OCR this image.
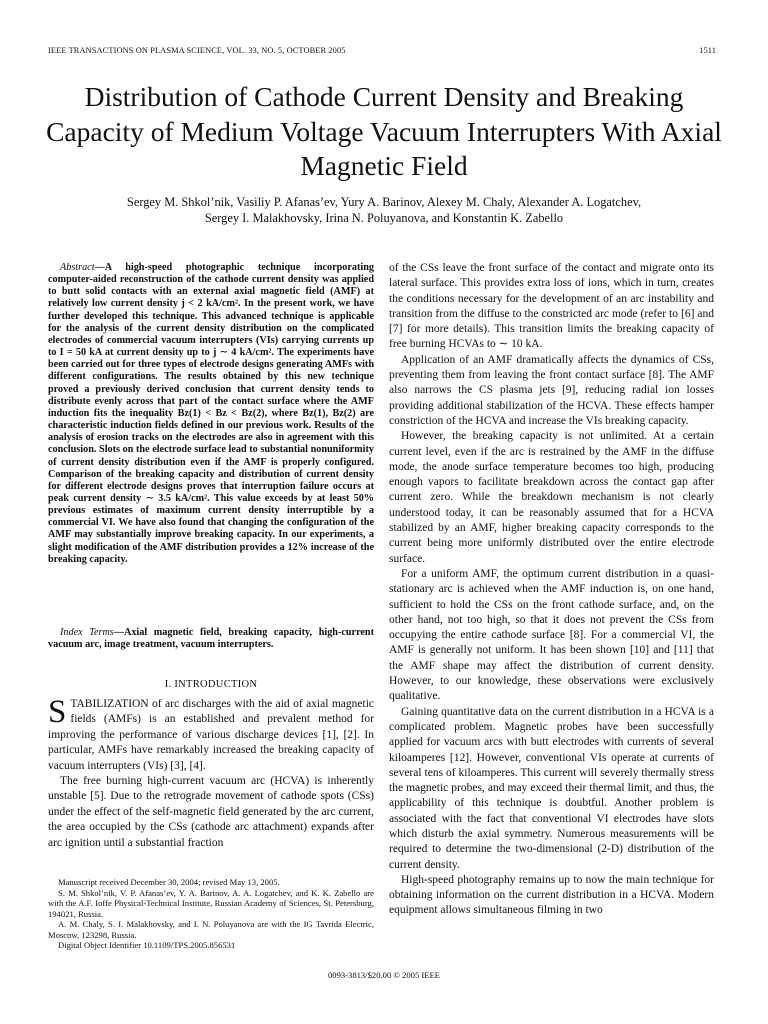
IEEE TRANSACTIONS ON PLASMA SCIENCE, VOL. 33, NO. 5, OCTOBER 2005	1511
Distribution of Cathode Current Density and Breaking Capacity of Medium Voltage Vacuum Interrupters With Axial Magnetic Field
Sergey M. Shkol’nik, Vasiliy P. Afanas’ev, Yury A. Barinov, Alexey M. Chaly, Alexander A. Logatchev,
Sergey I. Malakhovsky, Irina N. Poluyanova, and Konstantin K. Zabello

Abstract—A high-speed photographic technique incorporating computer-aided reconstruction of the cathode current density was applied to butt solid contacts with an external axial magnetic field (AMF) at relatively low current density j < 2 kA/cm². In the present work, we have further developed this technique. This advanced technique is applicable for the analysis of the current density distribution on the complicated electrodes of commercial vacuum interrupters (VIs) carrying currents up to I = 50 kA at current density up to j ∼ 4 kA/cm². The experiments have been carried out for three types of electrode designs generating AMFs with different configurations. The results obtained by this new technique proved a previously derived conclusion that current density tends to distribute evenly across that part of the contact surface where the AMF induction fits the inequality Bz(1) < Bz < Bz(2), where Bz(1), Bz(2) are characteristic induction fields defined in our previous work. Results of the analysis of erosion tracks on the electrodes are also in agreement with this conclusion. Slots on the electrode surface lead to substantial nonuniformity of current density distribution even if the AMF is properly configured. Comparison of the breaking capacity and distribution of current density for different electrode designs proves that interruption failure occurs at peak current density ∼ 3.5 kA/cm². This value exceeds by at least 50% previous estimates of maximum current density interruptible by a commercial VI. We have also found that changing the configuration of the AMF may substantially improve breaking capacity. In our experiments, a slight modification of the AMF distribution provides a 12% increase of the breaking capacity.

Index Terms—Axial magnetic field, breaking capacity, high-current vacuum arc, image treatment, vacuum interrupters.

I. INTRODUCTION

STABILIZATION of arc discharges with the aid of axial magnetic fields (AMFs) is an established and prevalent method for improving the performance of various discharge devices [1], [2]. In particular, AMFs have remarkably increased the breaking capacity of vacuum interrupters (VIs) [3], [4].

The free burning high-current vacuum arc (HCVA) is inherently unstable [5]. Due to the retrograde movement of cathode spots (CSs) under the effect of the self-magnetic field generated by the arc current, the area occupied by the CSs (cathode arc attachment) expands after arc ignition until a substantial fraction

Manuscript received December 30, 2004; revised May 13, 2005.

S. M. Shkol’nik, V. P. Afanas’ev, Y. A. Barinov, A. A. Logatchev, and K. K. Zabello are with the A.F. Ioffe Physical-Technical Institute, Russian Academy of Sciences, St. Petersburg, 194021, Russia.

A. M. Chaly, S. I. Malakhovsky, and I. N. Poluyanova are with the IG Tavrida Electric, Moscow, 123298, Russia.

Digital Object Identifier 10.1109/TPS.2005.856531

of the CSs leave the front surface of the contact and migrate onto its lateral surface. This provides extra loss of ions, which in turn, creates the conditions necessary for the development of an arc instability and transition from the diffuse to the constricted arc mode (refer to [6] and [7] for more details). This transition limits the breaking capacity of free burning HCVAs to ∼ 10 kA.

Application of an AMF dramatically affects the dynamics of CSs, preventing them from leaving the front contact surface [8]. The AMF also narrows the CS plasma jets [9], reducing radial ion losses providing additional stabilization of the HCVA. These effects hamper constriction of the HCVA and increase the VIs breaking capacity.

However, the breaking capacity is not unlimited. At a certain current level, even if the arc is restrained by the AMF in the diffuse mode, the anode surface temperature becomes too high, producing enough vapors to facilitate breakdown across the contact gap after current zero. While the breakdown mechanism is not clearly understood today, it can be reasonably assumed that for a HCVA stabilized by an AMF, higher breaking capacity corresponds to the current being more uniformly distributed over the entire electrode surface.

For a uniform AMF, the optimum current distribution in a quasi-stationary arc is achieved when the AMF induction is, on one hand, sufficient to hold the CSs on the front cathode surface, and, on the other hand, not too high, so that it does not prevent the CSs from occupying the entire cathode surface [8]. For a commercial VI, the AMF is generally not uniform. It has been shown [10] and [11] that the AMF shape may affect the distribution of current density. However, to our knowledge, these observations were exclusively qualitative.

Gaining quantitative data on the current distribution in a HCVA is a complicated problem. Magnetic probes have been successfully applied for vacuum arcs with butt electrodes with currents of several kiloamperes [12]. However, conventional VIs operate at currents of several tens of kiloamperes. This current will severely thermally stress the magnetic probes, and may exceed their thermal limit, and thus, the applicability of this technique is doubtful. Another problem is associated with the fact that conventional VI electrodes have slots which disturb the axial symmetry. Numerous measurements will be required to determine the two-dimensional (2-D) distribution of the current density.

High-speed photography remains up to now the main technique for obtaining information on the current distribution in a HCVA. Modern equipment allows simultaneous filming in two

0093-3813/$20.00 © 2005 IEEE
